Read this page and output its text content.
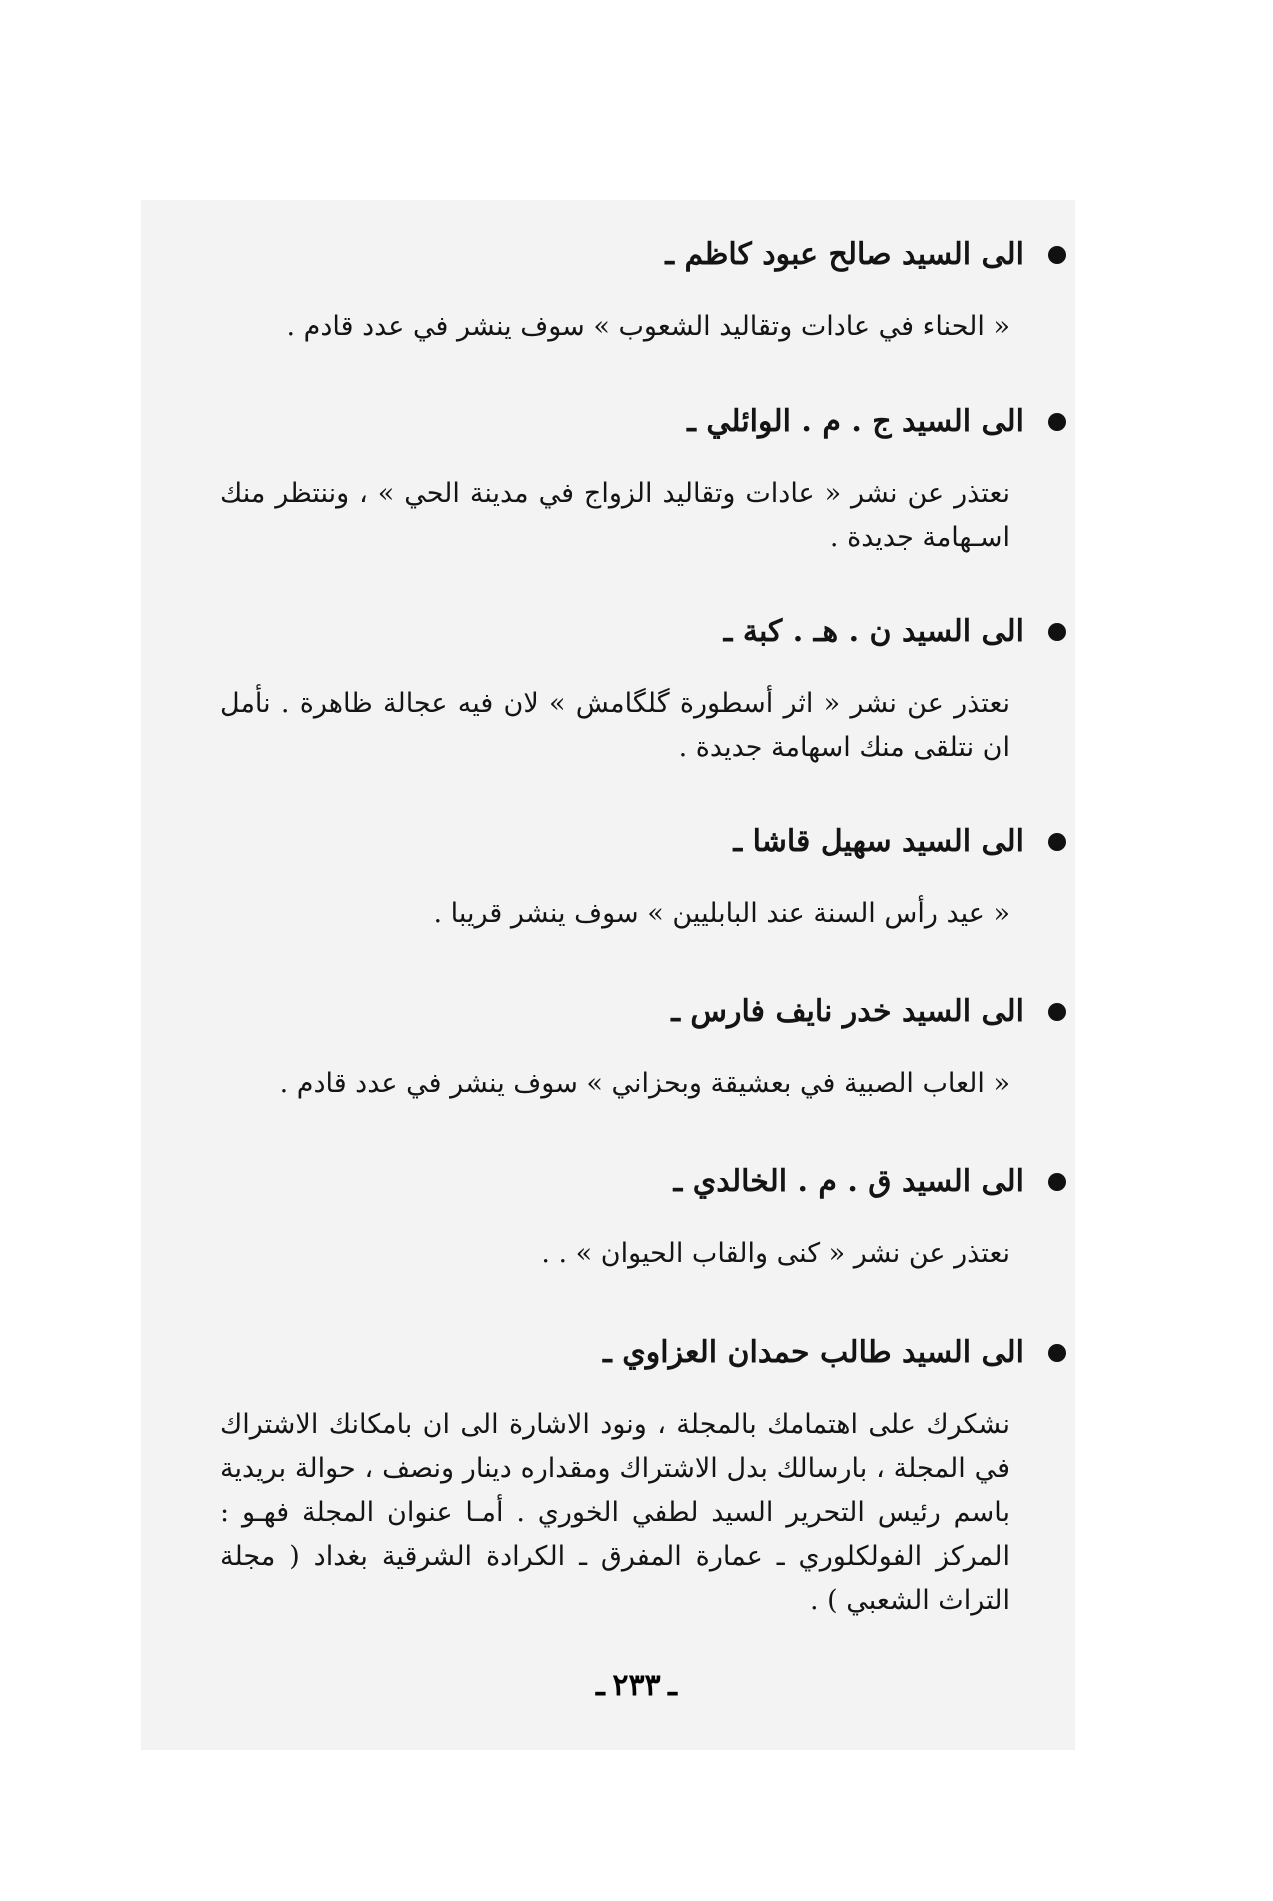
الى السيد صالح عبود كاظم ـ
« الحناء في عادات وتقاليد الشعوب » سوف ينشر في عدد قادم .
الى السيد ج . م . الوائلي ـ
نعتذر عن نشر « عادات وتقاليد الزواج في مدينة الحي » ، وننتظر منك اسـهامة جديدة .
الى السيد ن . هـ . كبة ـ
نعتذر عن نشر « اثر أسطورة گلگامش » لان فيه عجالة ظاهرة . نأمل ان نتلقى منك اسهامة جديدة .
الى السيد سهيل قاشا ـ
« عيد رأس السنة عند البابليين » سوف ينشر قريبا .
الى السيد خدر نايف فارس ـ
« العاب الصبية في بعشيقة وبحزاني » سوف ينشر في عدد قادم .
الى السيد ق . م . الخالدي ـ
نعتذر عن نشر « كنى والقاب الحيوان » . .
الى السيد طالب حمدان العزاوي ـ
نشكرك على اهتمامك بالمجلة ، ونود الاشارة الى ان بامكانك الاشتراك في المجلة ، بارسالك بدل الاشتراك ومقداره دينار ونصف ، حوالة بريدية باسم رئيس التحرير السيد لطفي الخوري . أمـا عنوان المجلة فهـو : المركز الفولكلوري ـ عمارة المفرق ـ الكرادة الشرقية بغداد ( مجلة التراث الشعبي ) .
ـ ٢٣٣ ـ
